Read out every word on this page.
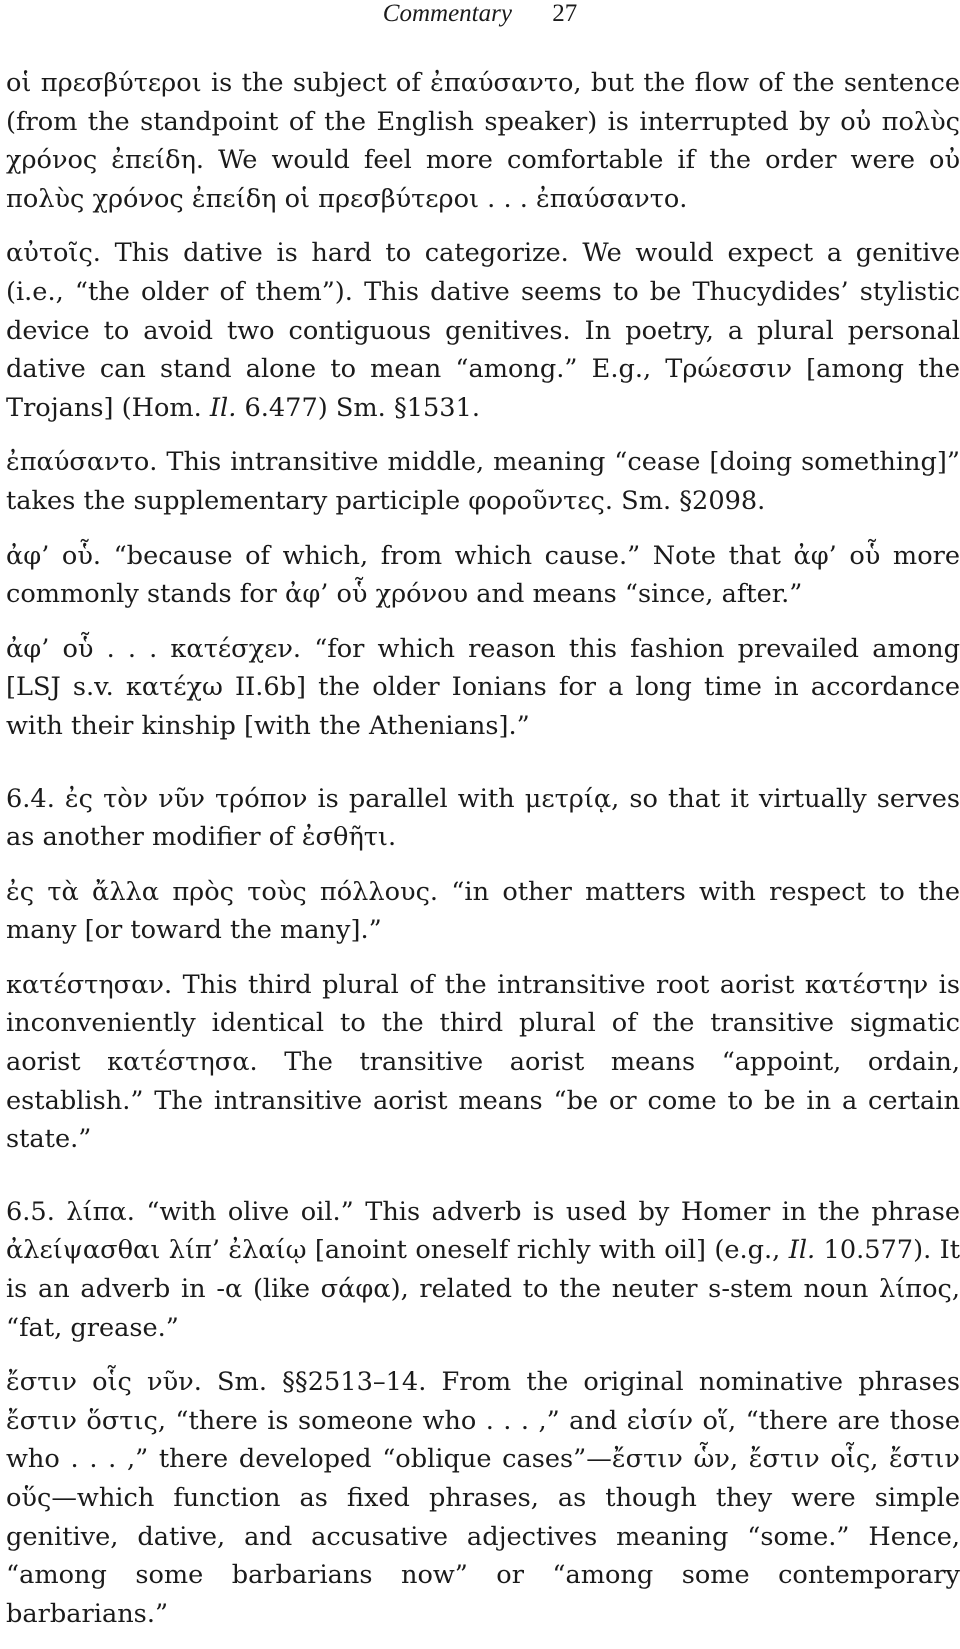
Commentary 27

οἱ πρεσβύτεροι is the subject of ἐπαύσαντο, but the flow of the sentence (from the standpoint of the English speaker) is interrupted by οὐ πολὺς χρόνος ἐπείδη. We would feel more comfortable if the order were οὐ πολὺς χρόνος ἐπείδη οἱ πρεσβύτεροι . . . ἐπαύσαντο.

αὐτοῖς. This dative is hard to categorize. We would expect a genitive (i.e., “the older of them”). This dative seems to be Thucydides’ stylistic device to avoid two contiguous genitives. In poetry, a plural personal dative can stand alone to mean “among.” E.g., Τρώεσσιν [among the Trojans] (Hom. Il. 6.477) Sm. §1531.

ἐπαύσαντο. This intransitive middle, meaning “cease [doing something]” takes the supplementary participle φοροῦντες. Sm. §2098.

ἀφ’ οὗ. “because of which, from which cause.” Note that ἀφ’ οὗ more commonly stands for ἀφ’ οὗ χρόνου and means “since, after.”

ἀφ’ οὗ . . . κατέσχεν. “for which reason this fashion prevailed among [LSJ s.v. κατέχω II.6b] the older Ionians for a long time in accordance with their kinship [with the Athenians].”

6.4. ἐς τὸν νῦν τρόπον is parallel with μετρίᾳ, so that it virtually serves as another modifier of ἐσθῆτι.

ἐς τὰ ἄλλα πρὸς τοὺς πόλλους. “in other matters with respect to the many [or toward the many].”

κατέστησαν. This third plural of the intransitive root aorist κατέστην is inconveniently identical to the third plural of the transitive sigmatic aorist κατέστησα. The transitive aorist means “appoint, ordain, establish.” The intransitive aorist means “be or come to be in a certain state.”

6.5. λίπα. “with olive oil.” This adverb is used by Homer in the phrase ἀλείψασθαι λίπ’ ἐλαίῳ [anoint oneself richly with oil] (e.g., Il. 10.577). It is an adverb in -α (like σάφα), related to the neuter s-stem noun λίπος, “fat, grease.”

ἔστιν οἷς νῦν. Sm. §§2513–14. From the original nominative phrases ἔστιν ὅστις, “there is someone who . . . ,” and εἰσίν οἵ, “there are those who . . . ,” there developed “oblique cases”—ἔστιν ὧν, ἔστιν οἷς, ἔστιν οὕς—which function as fixed phrases, as though they were simple genitive, dative, and accusative adjectives meaning “some.” Hence, “among some barbarians now” or “among some contemporary barbarians.”
